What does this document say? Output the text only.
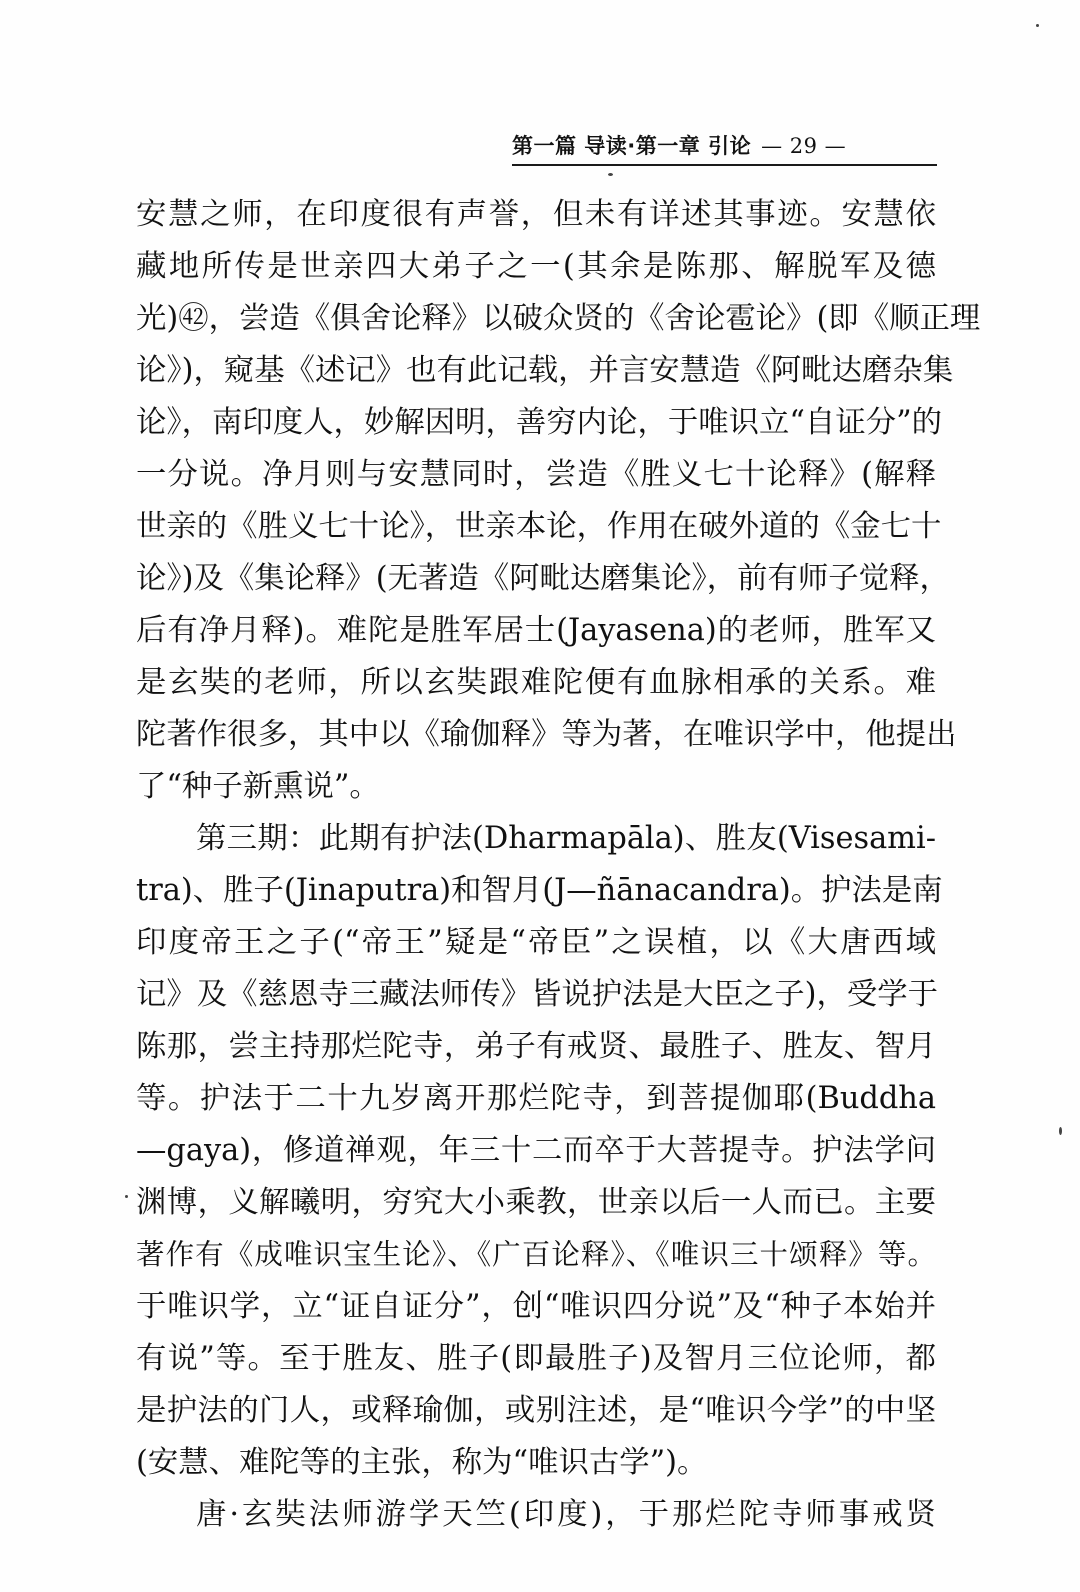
第一篇 导读·第一章 引论 — 29 —
安慧之师，在印度很有声誉，但未有详述其事迹。安慧依
藏地所传是世亲四大弟子之一(其余是陈那、解脱军及德
光)㊷，尝造《俱舍论释》以破众贤的《舍论雹论》(即《顺正理
论》)，窥基《述记》也有此记载，并言安慧造《阿毗达磨杂集
论》，南印度人，妙解因明，善穷内论，于唯识立“自证分”的
一分说。净月则与安慧同时，尝造《胜义七十论释》(解释
世亲的《胜义七十论》，世亲本论，作用在破外道的《金七十
论》)及《集论释》(无著造《阿毗达磨集论》，前有师子觉释，
后有净月释)。难陀是胜军居士(Jayasena)的老师，胜军又
是玄奘的老师，所以玄奘跟难陀便有血脉相承的关系。难
陀著作很多，其中以《瑜伽释》等为著，在唯识学中，他提出
了“种子新熏说”。
第三期：此期有护法(Dharmapāla)、胜友(Visesami-
tra)、胜子(Jinaputra)和智月(J—ñānacandra)。护法是南
印度帝王之子(“帝王”疑是“帝臣”之误植，以《大唐西域
记》及《慈恩寺三藏法师传》皆说护法是大臣之子)，受学于
陈那，尝主持那烂陀寺，弟子有戒贤、最胜子、胜友、智月
等。护法于二十九岁离开那烂陀寺，到菩提伽耶(Buddha
—gaya)，修道禅观，年三十二而卒于大菩提寺。护法学问
渊博，义解曦明，穷究大小乘教，世亲以后一人而已。主要
著作有《成唯识宝生论》、《广百论释》、《唯识三十颂释》等。
于唯识学，立“证自证分”，创“唯识四分说”及“种子本始并
有说”等。至于胜友、胜子(即最胜子)及智月三位论师，都
是护法的门人，或释瑜伽，或别注述，是“唯识今学”的中坚
(安慧、难陀等的主张，称为“唯识古学”)。
唐·玄奘法师游学天竺(印度)，于那烂陀寺师事戒贤
